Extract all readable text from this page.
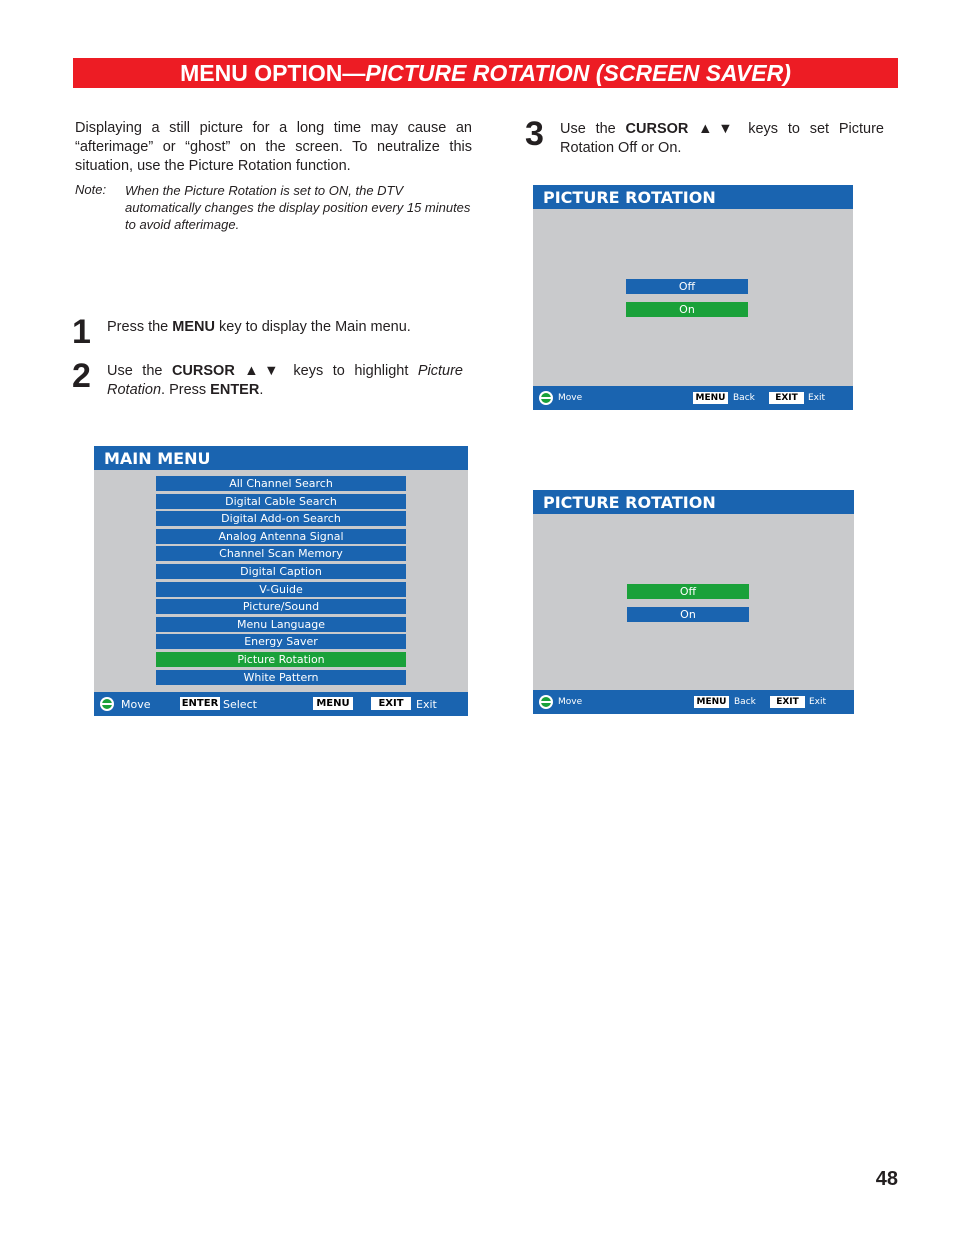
MENU OPTION—PICTURE ROTATION (SCREEN SAVER)
Displaying a still picture for a long time may cause an “afterimage” or “ghost” on the screen. To neutralize this situation, use the Picture Rotation function.
Note: When the Picture Rotation is set to ON, the DTV automatically changes the display position every 15 minutes to avoid afterimage.
1 Press the MENU key to display the Main menu.
2 Use the CURSOR ▲▼ keys to highlight Picture Rotation. Press ENTER.
3 Use the CURSOR ▲▼ keys to set Picture Rotation Off or On.
MAIN MENU
All Channel Search
Digital Cable Search
Digital Add-on Search
Analog Antenna Signal
Channel Scan Memory
Digital Caption
V-Guide
Picture/Sound
Menu Language
Energy Saver
Picture Rotation
White Pattern
Move	ENTER Select	MENU	EXIT	Exit
PICTURE ROTATION
Off
On
Move	MENU Back	EXIT	Exit
PICTURE ROTATION
Off
On
Move	MENU Back	EXIT	Exit
48
